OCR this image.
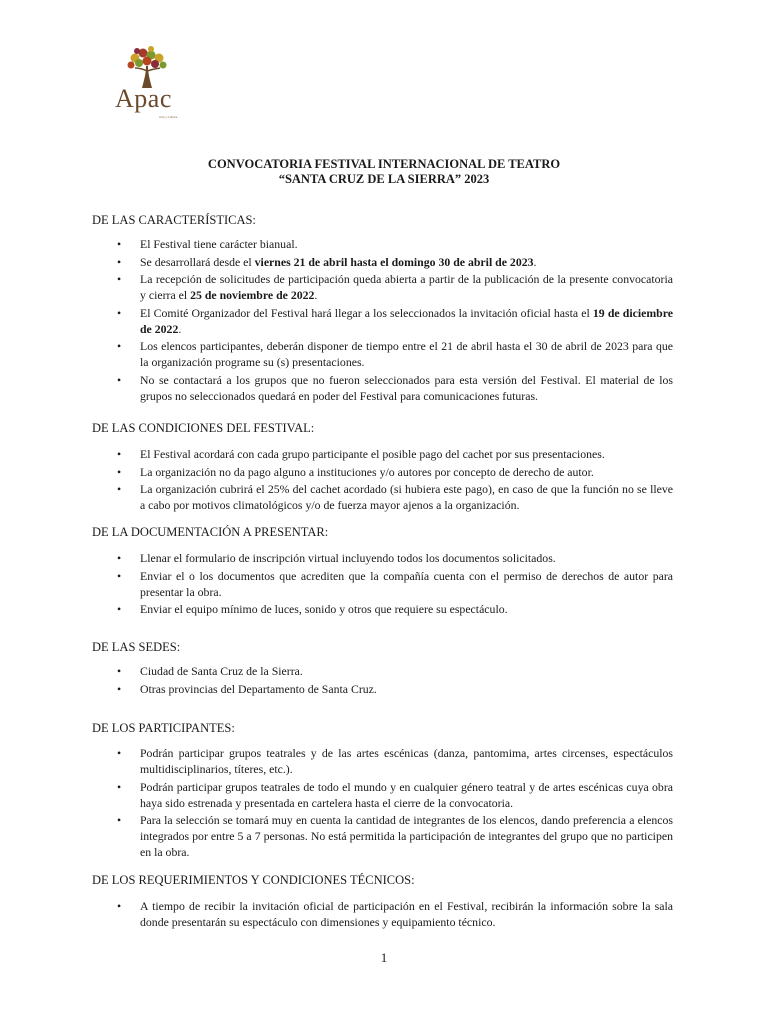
Apac
Arte y Cultura
CONVOCATORIA FESTIVAL INTERNACIONAL DE TEATRO
“SANTA CRUZ DE LA SIERRA” 2023
DE LAS CARACTERÍSTICAS:
• El Festival tiene carácter bianual.
• Se desarrollará desde el viernes 21 de abril hasta el domingo 30 de abril de 2023.
• La recepción de solicitudes de participación queda abierta a partir de la publicación de la presente convocatoria y cierra el 25 de noviembre de 2022.
• El Comité Organizador del Festival hará llegar a los seleccionados la invitación oficial hasta el 19 de diciembre de 2022.
• Los elencos participantes, deberán disponer de tiempo entre el 21 de abril hasta el 30 de abril de 2023 para que la organización programe su (s) presentaciones.
• No se contactará a los grupos que no fueron seleccionados para esta versión del Festival. El material de los grupos no seleccionados quedará en poder del Festival para comunicaciones futuras.
DE LAS CONDICIONES DEL FESTIVAL:
• El Festival acordará con cada grupo participante el posible pago del cachet por sus presentaciones.
• La organización no da pago alguno a instituciones y/o autores por concepto de derecho de autor.
• La organización cubrirá el 25% del cachet acordado (si hubiera este pago), en caso de que la función no se lleve a cabo por motivos climatológicos y/o de fuerza mayor ajenos a la organización.
DE LA DOCUMENTACIÓN A PRESENTAR:
• Llenar el formulario de inscripción virtual incluyendo todos los documentos solicitados.
• Enviar el o los documentos que acrediten que la compañía cuenta con el permiso de derechos de autor para presentar la obra.
• Enviar el equipo mínimo de luces, sonido y otros que requiere su espectáculo.
DE LAS SEDES:
• Ciudad de Santa Cruz de la Sierra.
• Otras provincias del Departamento de Santa Cruz.
DE LOS PARTICIPANTES:
• Podrán participar grupos teatrales y de las artes escénicas (danza, pantomima, artes circenses, espectáculos multidisciplinarios, títeres, etc.).
• Podrán participar grupos teatrales de todo el mundo y en cualquier género teatral y de artes escénicas cuya obra haya sido estrenada y presentada en cartelera hasta el cierre de la convocatoria.
• Para la selección se tomará muy en cuenta la cantidad de integrantes de los elencos, dando preferencia a elencos integrados por entre 5 a 7 personas. No está permitida la participación de integrantes del grupo que no participen en la obra.
DE LOS REQUERIMIENTOS Y CONDICIONES TÉCNICOS:
• A tiempo de recibir la invitación oficial de participación en el Festival, recibirán la información sobre la sala donde presentarán su espectáculo con dimensiones y equipamiento técnico.
1
